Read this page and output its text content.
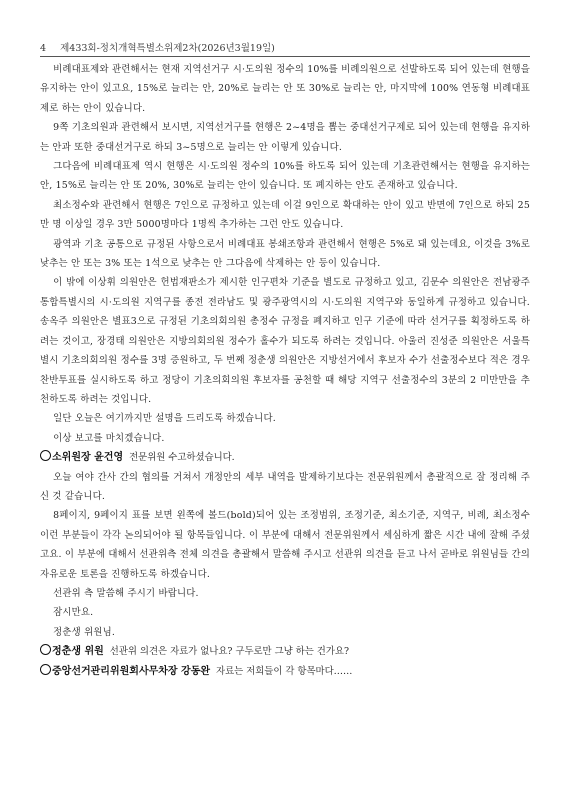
4 제433회-정치개혁특별소위제2차(2026년3월19일)

비례대표제와 관련해서는 현재 지역선거구 시·도의원 정수의 10%를 비례의원으로 선발하도록 되어 있는데 현행을 유지하는 안이 있고요, 15%로 늘리는 안, 20%로 늘리는 안 또 30%로 늘리는 안, 마지막에 100% 연동형 비례대표제로 하는 안이 있습니다.

9쪽 기초의원과 관련해서 보시면, 지역선거구를 현행은 2~4명을 뽑는 중대선거구제로 되어 있는데 현행을 유지하는 안과 또한 중대선거구로 하되 3~5명으로 늘리는 안 이렇게 있습니다.

그다음에 비례대표제 역시 현행은 시·도의원 정수의 10%를 하도록 되어 있는데 기초관련해서는 현행을 유지하는 안, 15%로 늘리는 안 또 20%, 30%로 늘리는 안이 있습니다. 또 폐지하는 안도 존재하고 있습니다.

최소정수와 관련해서 현행은 7인으로 규정하고 있는데 이걸 9인으로 확대하는 안이 있고 반면에 7인으로 하되 25만 명 이상일 경우 3만 5000명마다 1명씩 추가하는 그런 안도 있습니다.

광역과 기초 공통으로 규정된 사항으로서 비례대표 봉쇄조항과 관련해서 현행은 5%로 돼 있는데요, 이것을 3%로 낮추는 안 또는 3% 또는 1석으로 낮추는 안 그다음에 삭제하는 안 등이 있습니다.

이 밖에 이상휘 의원안은 헌법재판소가 제시한 인구편차 기준을 별도로 규정하고 있고, 김문수 의원안은 전남광주통합특별시의 시·도의원 지역구를 종전 전라남도 및 광주광역시의 시·도의원 지역구와 동일하게 규정하고 있습니다. 송옥주 의원안은 별표3으로 규정된 기초의회의원 총정수 규정을 폐지하고 인구 기준에 따라 선거구를 획정하도록 하려는 것이고, 장경태 의원안은 지방의회의원 정수가 홀수가 되도록 하려는 것입니다. 아울러 진성준 의원안은 서울특별시 기초의회의원 정수를 3명 증원하고, 두 번째 정춘생 의원안은 지방선거에서 후보자 수가 선출정수보다 적은 경우 찬반투표를 실시하도록 하고 정당이 기초의회의원 후보자를 공천할 때 해당 지역구 선출정수의 3분의 2 미만만을 추천하도록 하려는 것입니다.

일단 오늘은 여기까지만 설명을 드리도록 하겠습니다.

이상 보고를 마치겠습니다.

소위원장 윤건영 전문위원 수고하셨습니다.

오늘 여야 간사 간의 협의를 거쳐서 개정안의 세부 내역을 발제하기보다는 전문위원께서 총괄적으로 잘 정리해 주신 것 같습니다.

8페이지, 9페이지 표를 보면 왼쪽에 볼드(bold)되어 있는 조정범위, 조정기준, 최소기준, 지역구, 비례, 최소정수 이런 부분들이 각각 논의되어야 될 항목들입니다. 이 부분에 대해서 전문위원께서 세심하게 짧은 시간 내에 잘해 주셨고요. 이 부분에 대해서 선관위측 전체 의견을 총괄해서 말씀해 주시고 선관위 의견을 듣고 나서 곧바로 위원님들 간의 자유로운 토론을 진행하도록 하겠습니다.

선관위 측 말씀해 주시기 바랍니다.

잠시만요.

정춘생 위원님.

정춘생 위원 선관위 의견은 자료가 없나요? 구두로만 그냥 하는 건가요?

중앙선거관리위원회사무차장 강동완 자료는 저희들이 각 항목마다……
